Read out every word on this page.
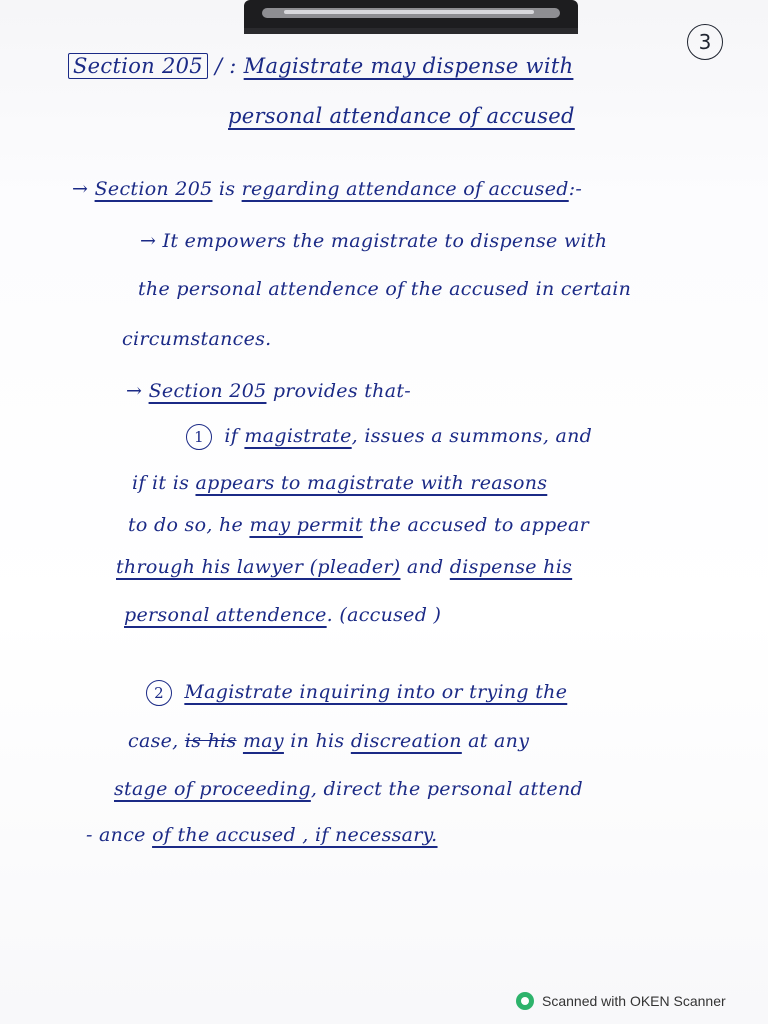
3
Section 205 / : Magistrate may dispense with
personal attendance of accused
→ Section 205 is regarding attendance of accused:-
→ It empowers the magistrate to dispense with
the personal attendence of the accused in certain
circumstances.
→ Section 205 provides that-
1 if magistrate, issues a summons, and
if it is appears to magistrate with reasons
to do so, he may permit the accused to appear
through his lawyer (pleader) and dispense his
personal attendence. (accused )
2 Magistrate inquiring into or trying the
case, is his may in his discreation at any
stage of proceeding, direct the personal attend
- ance of the accused , if necessary.
Scanned with OKEN Scanner
